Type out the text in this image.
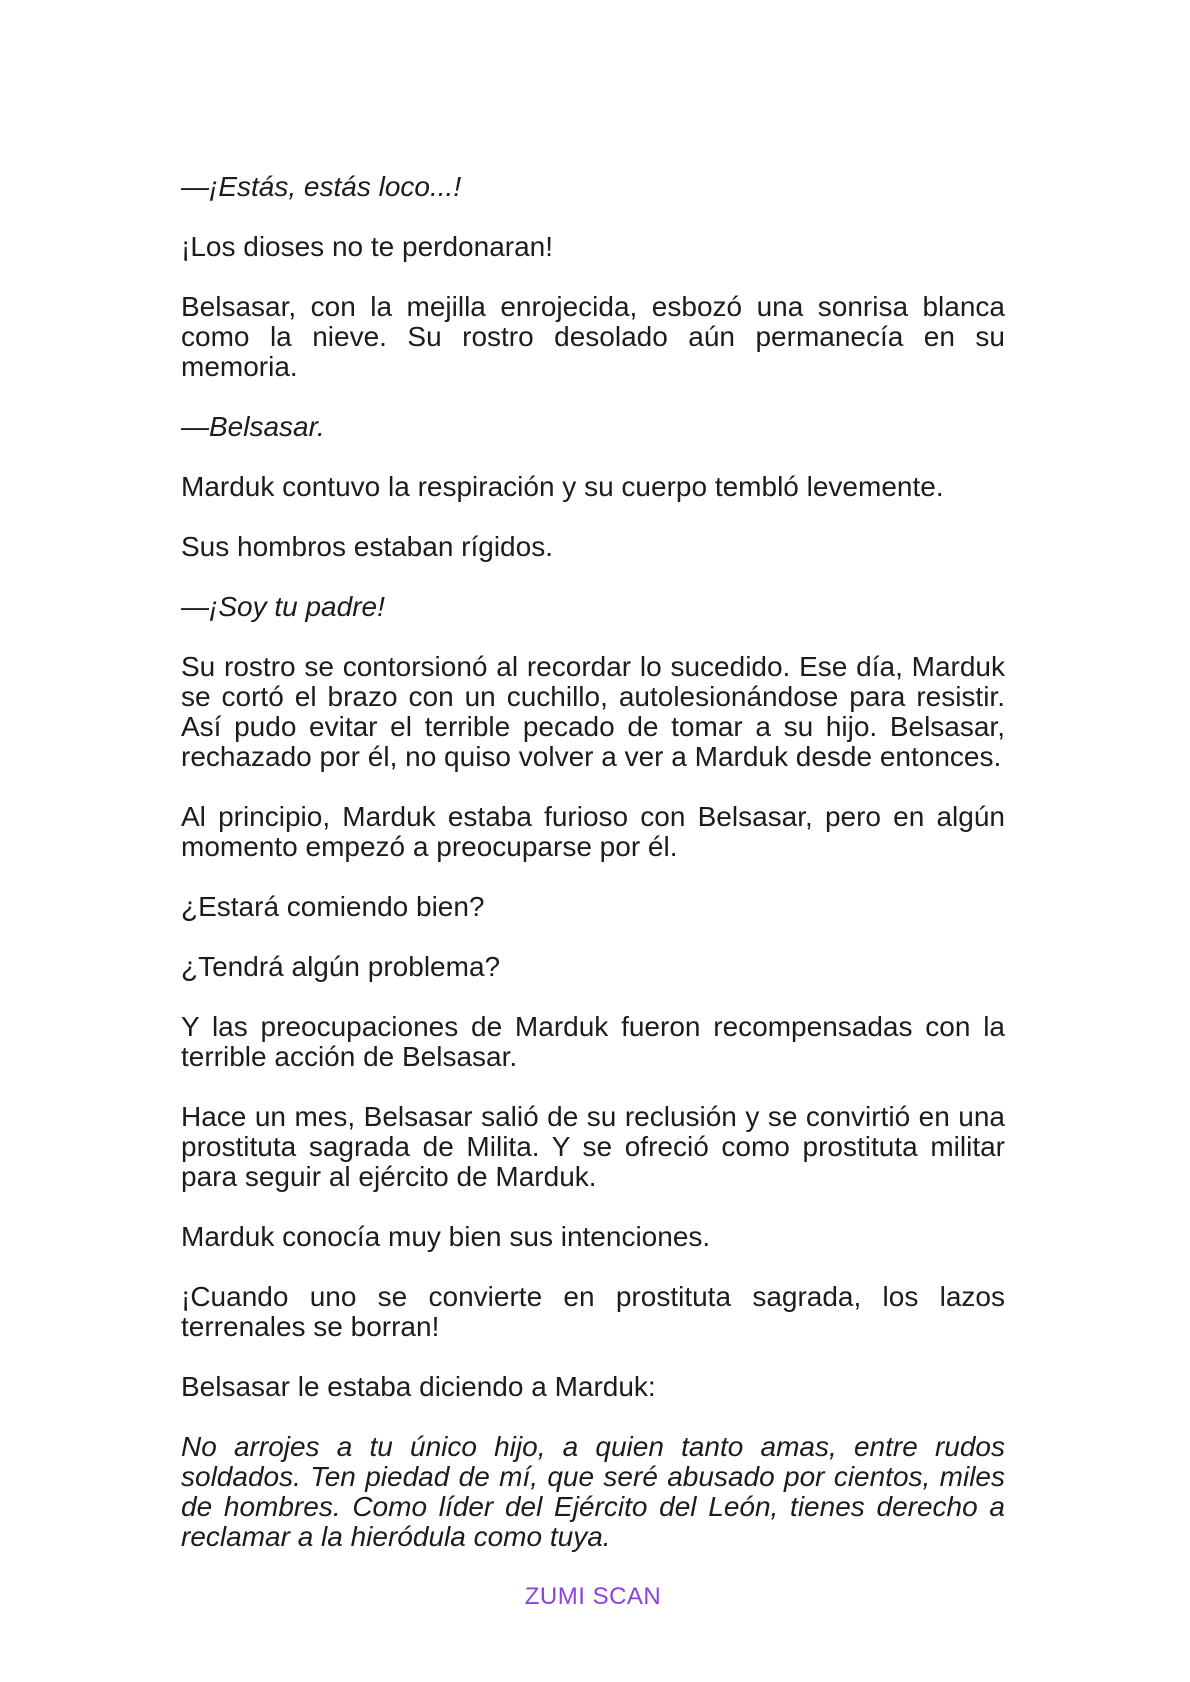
—¡Estás, estás loco...!

¡Los dioses no te perdonaran!

Belsasar, con la mejilla enrojecida, esbozó una sonrisa blanca como la nieve. Su rostro desolado aún permanecía en su memoria.

—Belsasar.

Marduk contuvo la respiración y su cuerpo tembló levemente.

Sus hombros estaban rígidos.

—¡Soy tu padre!

Su rostro se contorsionó al recordar lo sucedido. Ese día, Marduk se cortó el brazo con un cuchillo, autolesionándose para resistir. Así pudo evitar el terrible pecado de tomar a su hijo. Belsasar, rechazado por él, no quiso volver a ver a Marduk desde entonces.

Al principio, Marduk estaba furioso con Belsasar, pero en algún momento empezó a preocuparse por él.

¿Estará comiendo bien?

¿Tendrá algún problema?

Y las preocupaciones de Marduk fueron recompensadas con la terrible acción de Belsasar.

Hace un mes, Belsasar salió de su reclusión y se convirtió en una prostituta sagrada de Milita. Y se ofreció como prostituta militar para seguir al ejército de Marduk.

Marduk conocía muy bien sus intenciones.

¡Cuando uno se convierte en prostituta sagrada, los lazos terrenales se borran!

Belsasar le estaba diciendo a Marduk:

No arrojes a tu único hijo, a quien tanto amas, entre rudos soldados. Ten piedad de mí, que seré abusado por cientos, miles de hombres. Como líder del Ejército del León, tienes derecho a reclamar a la hieródula como tuya.

ZUMI SCAN
